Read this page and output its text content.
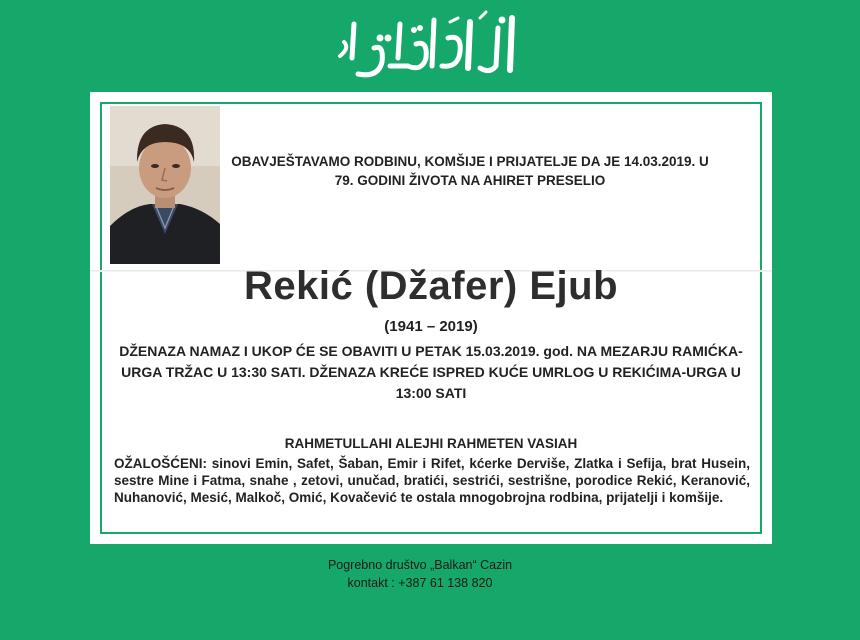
OBAVJEŠTAVAMO RODBINU, KOMŠIJE I PRIJATELJE DA JE 14.03.2019. U 79. GODINI ŽIVOTA NA AHIRET PRESELIO
Rekić (Džafer) Ejub
(1941 – 2019)
DŽENAZA NAMAZ I UKOP ĆE SE OBAVITI U PETAK 15.03.2019. god. NA MEZARJU RAMIĆKA-URGA TRŽAC U 13:30 SATI. DŽENAZA KREĆE ISPRED KUĆE UMRLOG U REKIĆIMA-URGA U 13:00 SATI
RAHMETULLAHI ALEJHI RAHMETEN VASIAH
OŽALOŠĆENI: sinovi Emin, Safet, Šaban, Emir i Rifet, kćerke Derviše, Zlatka i Sefija, brat Husein, sestre Mine i Fatma, snahe , zetovi, unučad, bratići, sestrići, sestrišne, porodice Rekić, Keranović, Nuhanović, Mesić, Malkoč, Omić, Kovačević te ostala mnogobrojna rodbina, prijatelji i komšije.
Pogrebno društvo „Balkan“ Cazin
kontakt : +387 61 138 820
